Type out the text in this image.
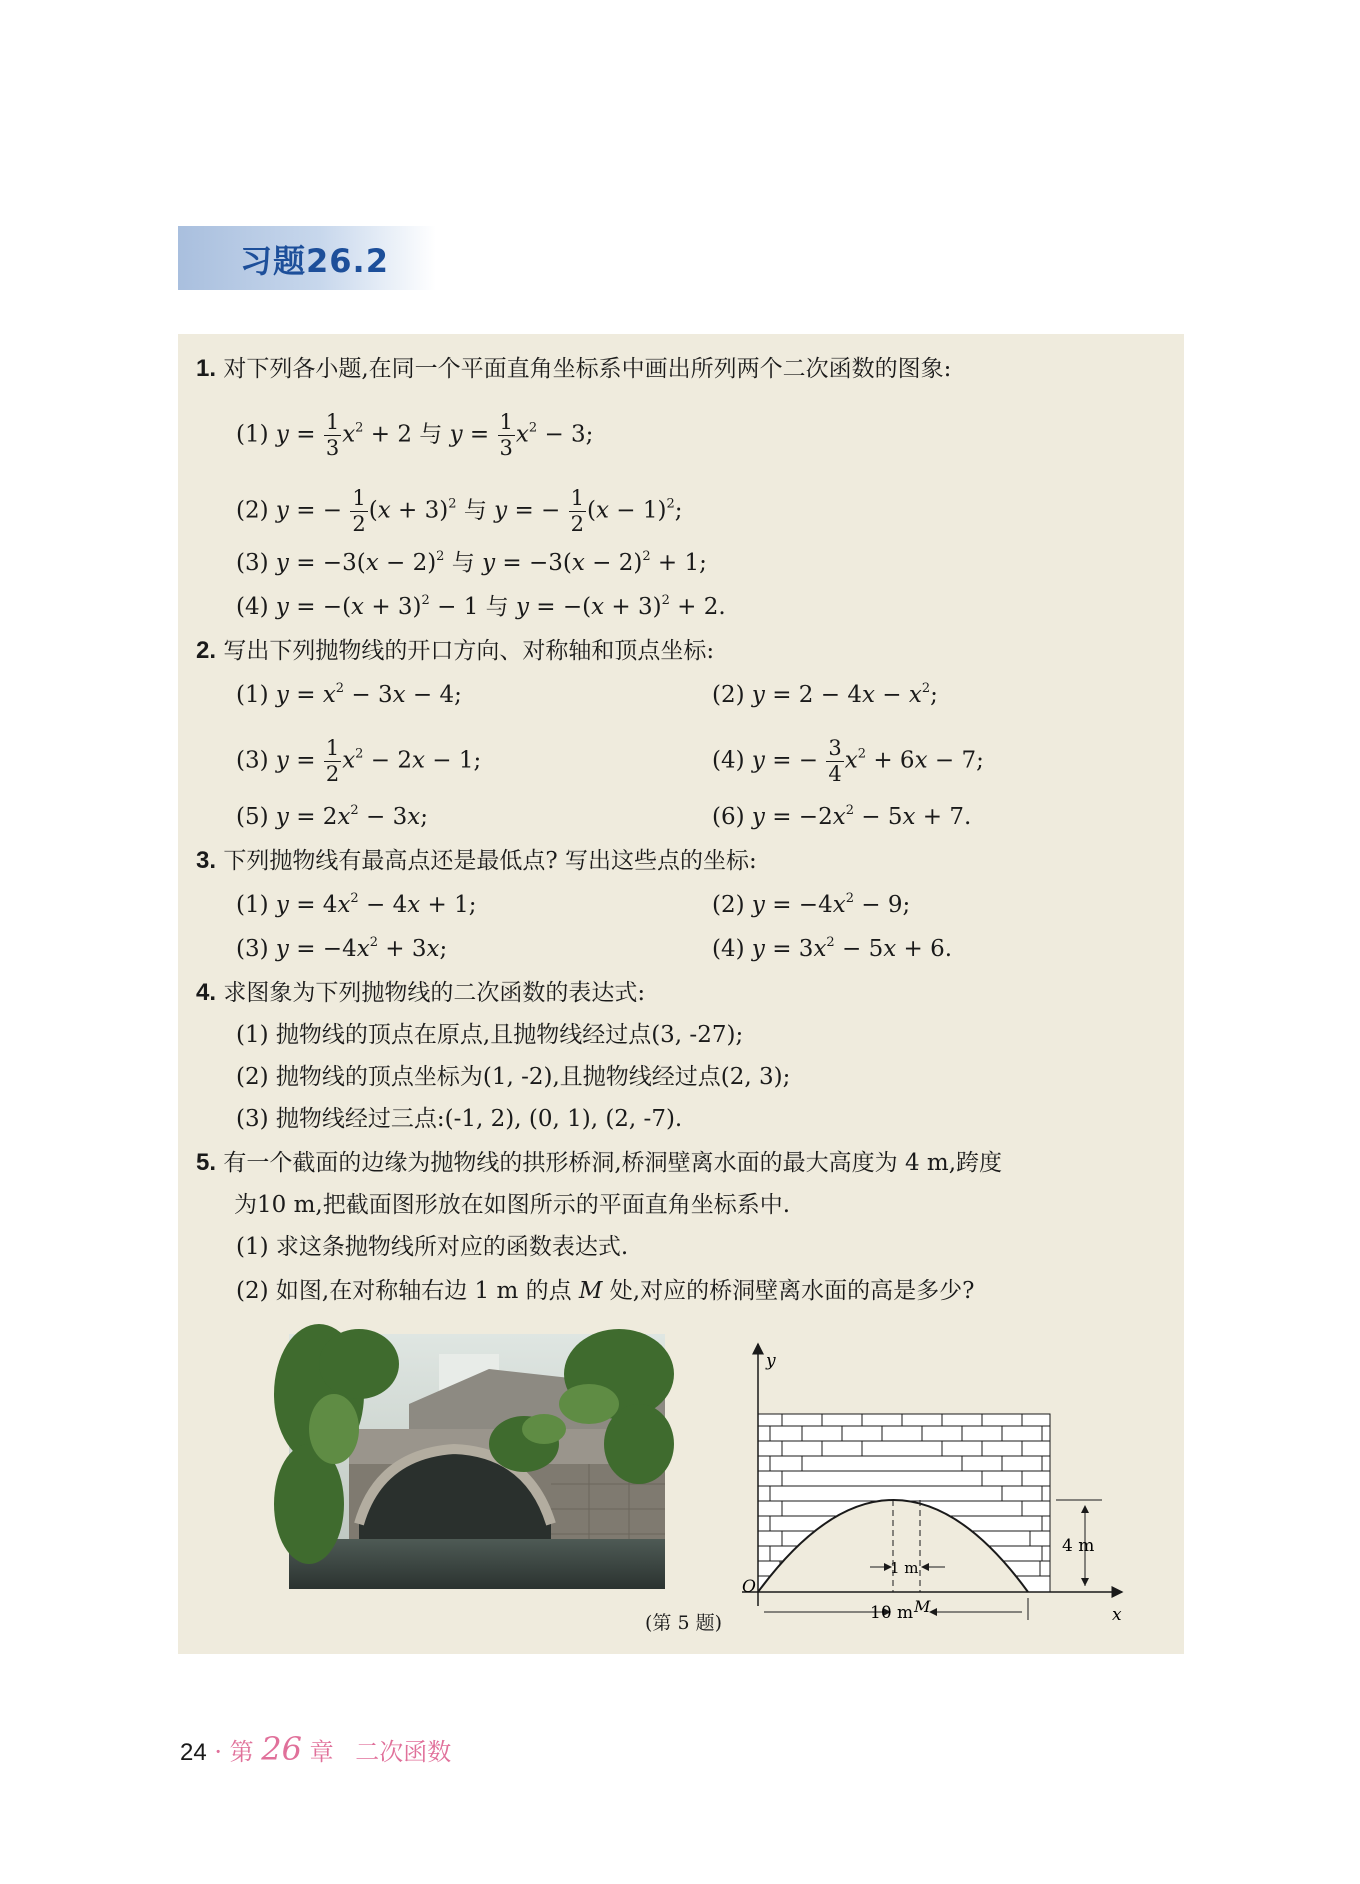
习题26.2
1. 对下列各小题,在同一个平面直角坐标系中画出所列两个二次函数的图象:
(1) $y = \frac{1}{3} x^2 + 2$ 与 $y = \frac{1}{3} x^2 - 3$;
(2) y = − $\frac{1}{2} (x + 3)^2$ 与 y = − $\frac{1}{2} (x - 1)^2$;
(3) $y = -3(x - 2)^2$ 与 $y = -3(x - 2)^2 + 1$;
(4) $y = -(x + 3)^2 - 1$ 与 $y = -(x + 3)^2 + 2$.
2. 写出下列抛物线的开口方向、对称轴和顶点坐标:
(1) $y = x^2 - 3x - 4$;	(2) $y = 2 - 4x - x^2$;
(3) $y = \frac{1}{2} x^2 - 2x - 1$;	(4) y = − $\frac{3}{4} x^2 + 6x - 7$;
(5) $y = 2x^2 - 3x$;	(6) $y = -2x^2 - 5x + 7$.
3. 下列抛物线有最高点还是最低点? 写出这些点的坐标:
(1) $y = 4x^2 - 4x + 1$;	(2) $y = -4x^2 - 9$;
(3) $y = -4x^2 + 3x$;	(4) $y = 3x^2 - 5x + 6$.
4. 求图象为下列抛物线的二次函数的表达式:
(1) 抛物线的顶点在原点,且抛物线经过点(3, -27);
(2) 抛物线的顶点坐标为(1, -2),且抛物线经过点(2, 3);
(3) 抛物线经过三点:(-1, 2), (0, 1), (2, -7).
5. 有一个截面的边缘为抛物线的拱形桥洞,桥洞壁离水面的最大高度为 4 m,跨度
为10 m,把截面图形放在如图所示的平面直角坐标系中.
(1) 求这条抛物线所对应的函数表达式.
(2) 如图,在对称轴右边 1 m 的点 M 处,对应的桥洞壁离水面的高是多少?
y
x
O
M
4 m
1 m
10 m
(第 5 题)
24 · 第 26 章 二次函数
